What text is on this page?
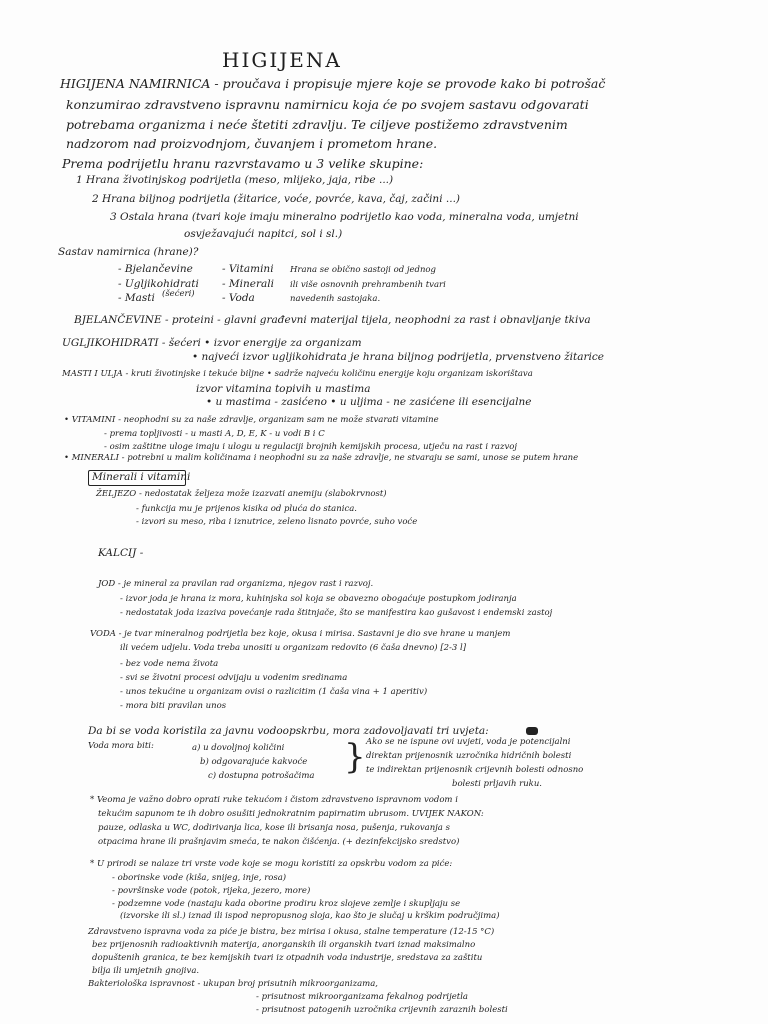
HIGIJENA
HIGIJENA NAMIRNICA - proučava i propisuje mjere koje se provode kako bi potrošač
konzumirao zdravstveno ispravnu namirnicu koja će po svojem sastavu odgovarati
potrebama organizma i neće štetiti zdravlju. Te ciljeve postižemo zdravstvenim
nadzorom nad proizvodnjom, čuvanjem i prometom hrane.
Prema podrijetlu hranu razvrstavamo u 3 velike skupine:
1 Hrana životinjskog podrijetla (meso, mlijeko, jaja, ribe ...)
2 Hrana biljnog podrijetla (žitarice, voće, povrće, kava, čaj, začini ...)
3 Ostala hrana (tvari koje imaju mineralno podrijetlo kao voda, mineralna voda, umjetni
osvježavajući napitci, sol i sl.)
Sastav namirnica (hrane)?
- Bjelančevine
- Ugljikohidrati
(šećeri)
- Masti
- Vitamini
- Minerali
- Voda
Hrana se obično sastoji od jednog
ili više osnovnih prehrambenih tvari
navedenih sastojaka.
BJELANČEVINE - proteini - glavni građevni materijal tijela, neophodni za rast i obnavljanje tkiva
UGLJIKOHIDRATI - šećeri • izvor energije za organizam
• najveći izvor ugljikohidrata je hrana biljnog podrijetla, prvenstveno žitarice
MASTI I ULJA - kruti životinjske i tekuće biljne • sadrže najveću količinu energije koju organizam iskorištava
izvor vitamina topivih u mastima
• u mastima - zasićeno • u uljima - ne zasićene ili esencijalne
• VITAMINI - neophodni su za naše zdravlje, organizam sam ne može stvarati vitamine
- prema topljivosti - u masti A, D, E, K - u vodi B i C
- osim zaštitne uloge imaju i ulogu u regulaciji brojnih kemijskih procesa, utječu na rast i razvoj
• MINERALI - potrebni u malim količinama i neophodni su za naše zdravlje, ne stvaraju se sami, unose se putem hrane
Minerali i vitamini
ŽELJEZO - nedostatak željeza može izazvati anemiju (slabokrvnost)
- funkcija mu je prijenos kisika od pluća do stanica.
- izvori su meso, riba i iznutrice, zeleno lisnato povrće, suho voće
KALCIJ -
JOD - je mineral za pravilan rad organizma, njegov rast i razvoj.
- izvor joda je hrana iz mora, kuhinjska sol koja se obavezno obogaćuje postupkom jodiranja
- nedostatak joda izaziva povećanje rada štitnjače, što se manifestira kao gušavost i endemski zastoj
VODA - je tvar mineralnog podrijetla bez koje, okusa i mirisa. Sastavni je dio sve hrane u manjem
ili većem udjelu. Voda treba unositi u organizam redovito (6 čaša dnevno) [2-3 l]
- bez vode nema života
- svi se životni procesi odvijaju u vodenim sredinama
- unos tekućine u organizam ovisi o razlicitim (1 čaša vina + 1 aperitiv)
- mora biti pravilan unos
Da bi se voda koristila za javnu vodoopskrbu, mora zadovoljavati tri uvjeta:
Voda mora biti:	a) u dovoljnoj količini
b) odgovarajuće kakvoće
c) dostupna potrošačima } Ako se ne ispune ovi uvjeti, voda je potencijalni
direktan prijenosnik uzročnika hidričnih bolesti
te indirektan prijenosnik crijevnih bolesti odnosno
bolesti prljavih ruku.
* Veoma je važno dobro oprati ruke tekućom i čistom zdravstveno ispravnom vodom i
tekućim sapunom te ih dobro osušiti jednokratnim papirnatim ubrusom. UVIJEK NAKON:
pauze, odlaska u WC, dodirivanja lica, kose ili brisanja nosa, pušenja, rukovanja s
otpacima hrane ili prašnjavim smeća, te nakon čišćenja. (+ dezinfekcijsko sredstvo)
* U prirodi se nalaze tri vrste vode koje se mogu koristiti za opskrbu vodom za piće:
- oborinske vode (kiša, snijeg, inje, rosa)
- površinske vode (potok, rijeka, jezero, more)
- podzemne vode (nastaju kada oborine prodiru kroz slojeve zemlje i skupljaju se
(izvorske ili sl.) iznad ili ispod nepropusnog sloja, kao što je slučaj u krškim područjima)
Zdravstveno ispravna voda za piće je bistra, bez mirisa i okusa, stalne temperature (12-15 °C)
bez prijenosnih radioaktivnih materija, anorganskih ili organskih tvari iznad maksimalno
dopuštenih granica, te bez kemijskih tvari iz otpadnih voda industrije, sredstava za zaštitu
bilja ili umjetnih gnojiva.
Bakteriološka ispravnost - ukupan broj prisutnih mikroorganizama,
- prisutnost mikroorganizama fekalnog podrijetla
- prisutnost patogenih uzročnika crijevnih zaraznih bolesti
